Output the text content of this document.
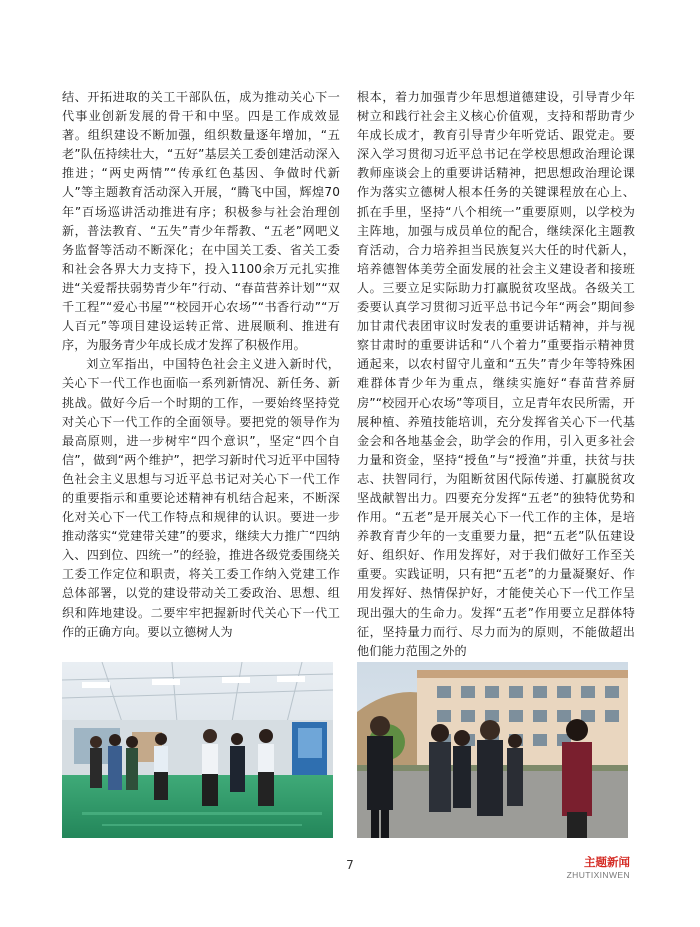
结、开拓进取的关工干部队伍，成为推动关心下一代事业创新发展的骨干和中坚。四是工作成效显著。组织建设不断加强，组织数量逐年增加，“五老”队伍持续壮大，“五好”基层关工委创建活动深入推进；“两史两情”“传承红色基因、争做时代新人”等主题教育活动深入开展，“腾飞中国，辉煌70年”百场巡讲活动推进有序；积极参与社会治理创新，普法教育、“五失”青少年帮教、“五老”网吧义务监督等活动不断深化；在中国关工委、省关工委和社会各界大力支持下，投入1100余万元扎实推进“关爱帮扶弱势青少年”行动、“春苗营养计划”“双千工程”“爱心书屋”“校园开心农场”“书香行动”“万人百元”等项目建设运转正常、进展顺利、推进有序，为服务青少年成长成才发挥了积极作用。

刘立军指出，中国特色社会主义进入新时代，关心下一代工作也面临一系列新情况、新任务、新挑战。做好今后一个时期的工作，一要始终坚持党对关心下一代工作的全面领导。要把党的领导作为最高原则，进一步树牢“四个意识”，坚定“四个自信”，做到“两个维护”，把学习新时代习近平中国特色社会主义思想与习近平总书记对关心下一代工作的重要指示和重要论述精神有机结合起来，不断深化对关心下一代工作特点和规律的认识。要进一步推动落实“党建带关建”的要求，继续大力推广“四纳入、四到位、四统一”的经验，推进各级党委围绕关工委工作定位和职责，将关工委工作纳入党建工作总体部署，以党的建设带动关工委政治、思想、组织和阵地建设。二要牢牢把握新时代关心下一代工作的正确方向。要以立德树人为

根本，着力加强青少年思想道德建设，引导青少年树立和践行社会主义核心价值观，支持和帮助青少年成长成才，教育引导青少年听党话、跟党走。要深入学习贯彻习近平总书记在学校思想政治理论课教师座谈会上的重要讲话精神，把思想政治理论课作为落实立德树人根本任务的关键课程放在心上、抓在手里，坚持“八个相统一”重要原则，以学校为主阵地，加强与成员单位的配合，继续深化主题教育活动，合力培养担当民族复兴大任的时代新人，培养德智体美劳全面发展的社会主义建设者和接班人。三要立足实际助力打赢脱贫攻坚战。各级关工委要认真学习贯彻习近平总书记今年“两会”期间参加甘肃代表团审议时发表的重要讲话精神，并与视察甘肃时的重要讲话和“八个着力”重要指示精神贯通起来，以农村留守儿童和“五失”青少年等特殊困难群体青少年为重点，继续实施好“春苗营养厨房”“校园开心农场”等项目，立足青年农民所需，开展种植、养殖技能培训，充分发挥省关心下一代基金会和各地基金会，助学会的作用，引入更多社会力量和资金，坚持“授鱼”与“授渔”并重，扶贫与扶志、扶智同行，为阻断贫困代际传递、打赢脱贫攻坚战献智出力。四要充分发挥“五老”的独特优势和作用。“五老”是开展关心下一代工作的主体，是培养教育青少年的一支重要力量，把“五老”队伍建设好、组织好、作用发挥好，对于我们做好工作至关重要。实践证明，只有把“五老”的力量凝聚好、作用发挥好、热情保护好，才能使关心下一代工作呈现出强大的生命力。发挥“五老”作用要立足群体特征，坚持量力而行、尽力而为的原则，不能做超出他们能力范围之外的

7	主题新闻
ZHUTIXINWEN
